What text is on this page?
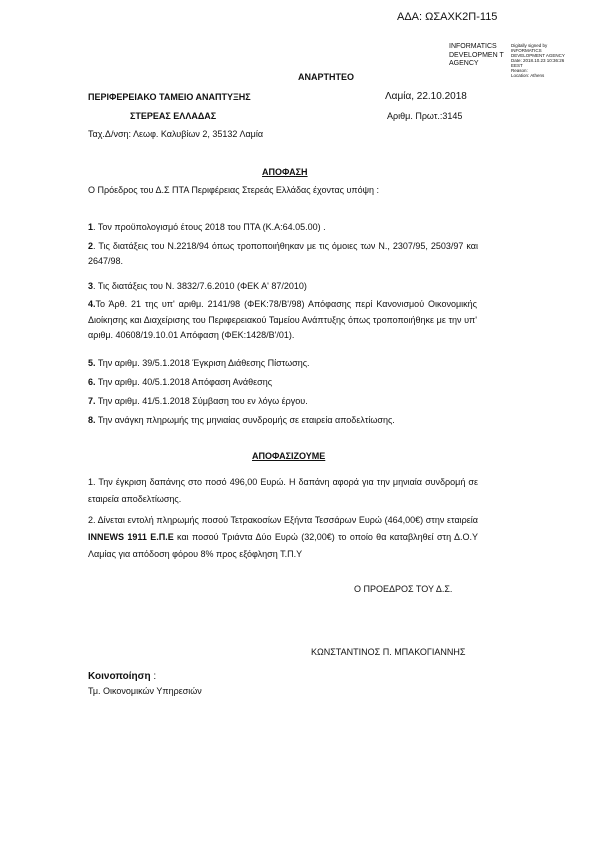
ΑΔΑ: ΩΣΑΧΚ2Π-115
INFORMATICS DEVELOPMEN T AGENCY
Digitally signed by
INFORMATICS
DEVELOPMENT AGENCY
Date: 2018.10.23 10:36:26
EEST
Reason:
Location: Athens
ΑΝΑΡΤΗΤΕΟ
ΠΕΡΙΦΕΡΕΙΑΚΟ ΤΑΜΕΙΟ ΑΝΑΠΤΥΞΗΣ
ΣΤΕΡΕΑΣ ΕΛΛΑΔΑΣ
Ταχ.Δ/νση: Λεωφ. Καλυβίων 2, 35132 Λαμία
Λαμία, 22.10.2018
Αριθμ. Πρωτ.:3145
ΑΠΟΦΑΣΗ
Ο Πρόεδρος του Δ.Σ ΠΤΑ Περιφέρειας Στερεάς Ελλάδας έχοντας υπόψη :
1. Τον προϋπολογισμό έτους 2018 του ΠΤΑ (Κ.Α:64.05.00) .
2. Τις διατάξεις του Ν.2218/94 όπως τροποποιήθηκαν με τις όμοιες των Ν., 2307/95, 2503/97 και 2647/98.
3. Τις διατάξεις του Ν. 3832/7.6.2010 (ΦΕΚ Α' 87/2010)
4.Το Άρθ. 21 της υπ' αριθμ. 2141/98 (ΦΕΚ:78/Β'/98) Απόφασης περί Κανονισμού Οικονομικής Διοίκησης και Διαχείρισης του Περιφερειακού Ταμείου Ανάπτυξης όπως τροποποιήθηκε με την υπ' αριθμ. 40608/19.10.01 Απόφαση (ΦΕΚ:1428/Β'/01).
5. Την αριθμ. 39/5.1.2018 Έγκριση Διάθεσης Πίστωσης.
6. Την αριθμ. 40/5.1.2018 Απόφαση Ανάθεσης
7. Την αριθμ. 41/5.1.2018 Σύμβαση του εν λόγω έργου.
8. Την ανάγκη πληρωμής της μηνιαίας συνδρομής σε εταιρεία αποδελτίωσης.
ΑΠΟΦΑΣΙΖΟΥΜΕ
1. Την έγκριση δαπάνης στο ποσό 496,00 Ευρώ. Η δαπάνη αφορά για την μηνιαία συνδρομή σε εταιρεία αποδελτίωσης.
2. Δίνεται εντολή πληρωμής ποσού Τετρακοσίων Εξήντα Τεσσάρων Ευρώ (464,00€) στην εταιρεία INNEWS 1911 Ε.Π.Ε και ποσού Τριάντα Δύο Ευρώ (32,00€) το οποίο θα καταβληθεί στη Δ.Ο.Υ Λαμίας για απόδοση φόρου 8% προς εξόφληση Τ.Π.Υ
Ο ΠΡΟΕΔΡΟΣ ΤΟΥ Δ.Σ.
ΚΩΝΣΤΑΝΤΙΝΟΣ Π. ΜΠΑΚΟΓΙΑΝΝΗΣ
Κοινοποίηση :
Τμ. Οικονομικών Υπηρεσιών
